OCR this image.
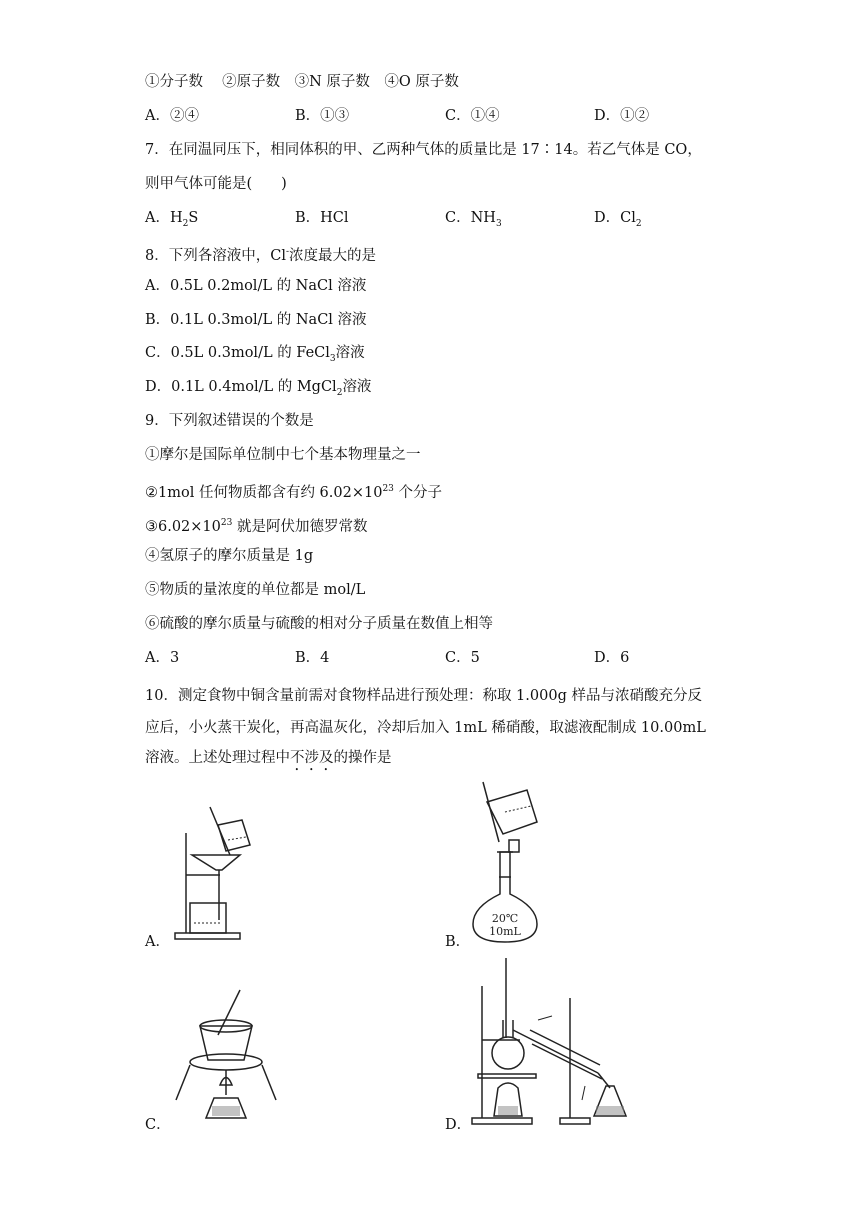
①分子数　 ②原子数　③N 原子数　④O 原子数
A．②④	B．①③	C．①④	D．①②
7．在同温同压下，相同体积的甲、乙两种气体的质量比是 17∶14。若乙气体是 CO，
则甲气体可能是(　　)
A．$H_2S$	B．HCl	C．$NH_3$	D．$Cl_2$
8．下列各溶液中，Cl-浓度最大的是
A．0.5L 0.2mol/L 的 NaCl 溶液
B．0.1L 0.3mol/L 的 NaCl 溶液
C．0.5L 0.3mol/L 的 FeCl$_3$溶液
D．0.1L 0.4mol/L 的 MgCl$_2$溶液
9．下列叙述错误的个数是
①摩尔是国际单位制中七个基本物理量之一
②1mol 任何物质都含有约 $6.02\times 10^{23}$ 个分子
$③6.02\times 10^{23}$ 就是阿伏加德罗常数
④氢原子的摩尔质量是 1g
⑤物质的量浓度的单位都是 mol/L
⑥硫酸的摩尔质量与硫酸的相对分子质量在数值上相等
A．3	B．4	C．5	D．6
10．测定食物中铜含量前需对食物样品进行预处理：称取 1.000g 样品与浓硝酸充分反
应后，小火蒸干炭化，再高温灰化，冷却后加入 1mL 稀硝酸，取滤液配制成 10.00mL
溶液。上述处理过程中不涉及的操作是
A．	B．
20℃
10mL
C．	D．
